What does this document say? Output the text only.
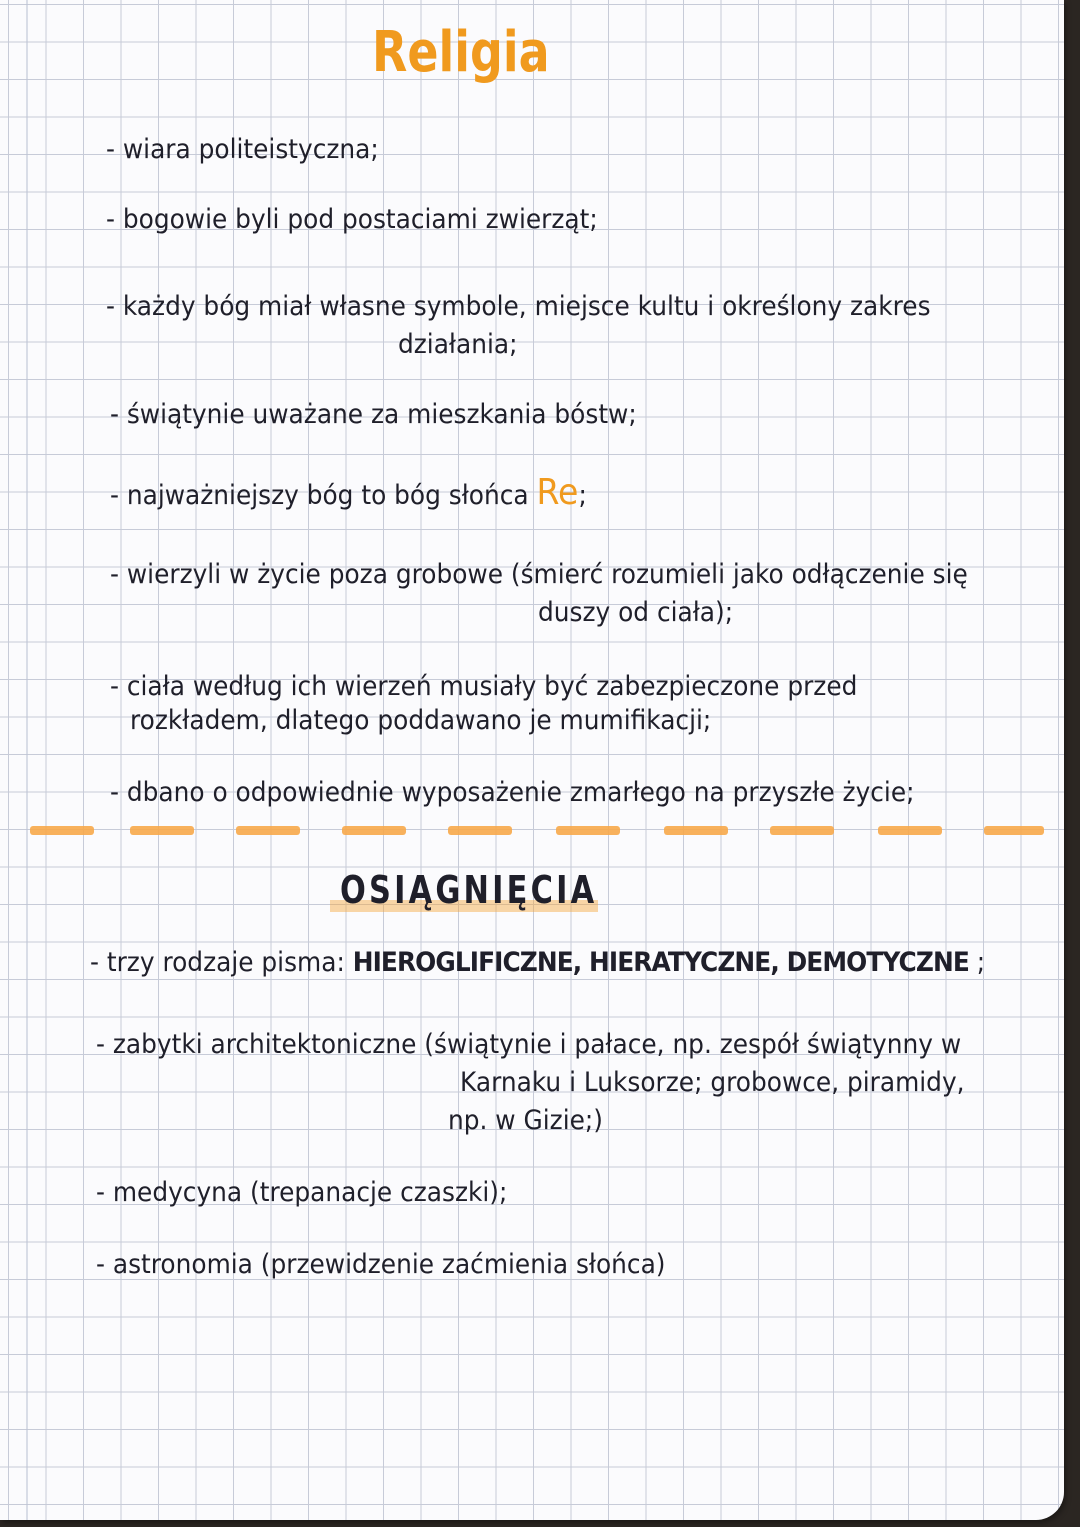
Religia

- wiara politeistyczna;

- bogowie byli pod postaciami zwierząt;

- każdy bóg miał własne symbole, miejsce kultu i określony zakres

działania;

- świątynie uważane za mieszkania bóstw;

- najważniejszy bóg to bóg słońca Re;

- wierzyli w życie poza grobowe (śmierć rozumieli jako odłączenie się

duszy od ciała);

- ciała według ich wierzeń musiały być zabezpieczone przed

rozkładem, dlatego poddawano je mumifikacji;

- dbano o odpowiednie wyposażenie zmarłego na przyszłe życie;

OSIĄGNIĘCIA

- trzy rodzaje pisma: HIEROGLIFICZNE, HIERATYCZNE, DEMOTYCZNE ;

- zabytki architektoniczne (świątynie i pałace, np. zespół świątynny w

Karnaku i Luksorze; grobowce, piramidy,

np. w Gizie;)

- medycyna (trepanacje czaszki);

- astronomia (przewidzenie zaćmienia słońca)
